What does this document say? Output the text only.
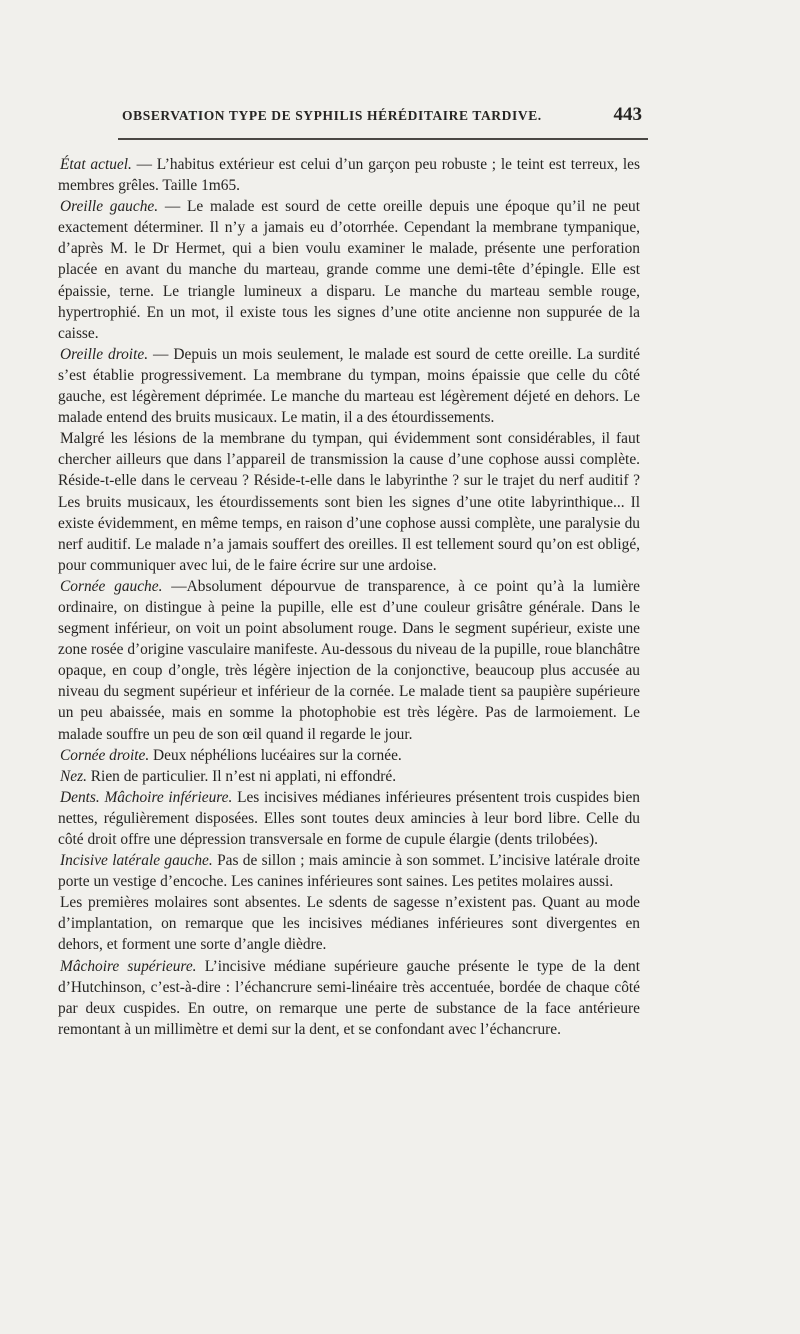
OBSERVATION TYPE DE SYPHILIS HÉRÉDITAIRE TARDIVE.	443

État actuel. — L’habitus extérieur est celui d’un garçon peu robuste ; le teint est terreux, les membres grêles. Taille 1m65.

Oreille gauche. — Le malade est sourd de cette oreille depuis une époque qu’il ne peut exactement déterminer. Il n’y a jamais eu d’otorrhée. Cependant la membrane tympanique, d’après M. le Dr Hermet, qui a bien voulu examiner le malade, présente une perforation placée en avant du manche du marteau, grande comme une demi-tête d’épingle. Elle est épaissie, terne. Le triangle lumineux a disparu. Le manche du marteau semble rouge, hypertrophié. En un mot, il existe tous les signes d’une otite ancienne non suppurée de la caisse.

Oreille droite. — Depuis un mois seulement, le malade est sourd de cette oreille. La surdité s’est établie progressivement. La membrane du tympan, moins épaissie que celle du côté gauche, est légèrement déprimée. Le manche du marteau est légèrement déjeté en dehors. Le malade entend des bruits musicaux. Le matin, il a des étourdissements.

Malgré les lésions de la membrane du tympan, qui évidemment sont considérables, il faut chercher ailleurs que dans l’appareil de transmission la cause d’une cophose aussi complète. Réside-t-elle dans le cerveau ? Réside-t-elle dans le labyrinthe ? sur le trajet du nerf auditif ? Les bruits musicaux, les étourdissements sont bien les signes d’une otite labyrinthique... Il existe évidemment, en même temps, en raison d’une cophose aussi complète, une paralysie du nerf auditif. Le malade n’a jamais souffert des oreilles. Il est tellement sourd qu’on est obligé, pour communiquer avec lui, de le faire écrire sur une ardoise.

Cornée gauche. —Absolument dépourvue de transparence, à ce point qu’à la lumière ordinaire, on distingue à peine la pupille, elle est d’une couleur grisâtre générale. Dans le segment inférieur, on voit un point absolument rouge. Dans le segment supérieur, existe une zone rosée d’origine vasculaire manifeste. Au-dessous du niveau de la pupille, roue blanchâtre opaque, en coup d’ongle, très légère injection de la conjonctive, beaucoup plus accusée au niveau du segment supérieur et inférieur de la cornée. Le malade tient sa paupière supérieure un peu abaissée, mais en somme la photophobie est très légère. Pas de larmoiement. Le malade souffre un peu de son œil quand il regarde le jour.

Cornée droite. Deux néphélions lucéaires sur la cornée.

Nez. Rien de particulier. Il n’est ni applati, ni effondré.

Dents. Mâchoire inférieure. Les incisives médianes inférieures présentent trois cuspides bien nettes, régulièrement disposées. Elles sont toutes deux amincies à leur bord libre. Celle du côté droit offre une dépression transversale en forme de cupule élargie (dents trilobées).

Incisive latérale gauche. Pas de sillon ; mais amincie à son sommet. L’incisive latérale droite porte un vestige d’encoche. Les canines inférieures sont saines. Les petites molaires aussi.

Les premières molaires sont absentes. Le sdents de sagesse n’existent pas. Quant au mode d’implantation, on remarque que les incisives médianes inférieures sont divergentes en dehors, et forment une sorte d’angle dièdre.

Mâchoire supérieure. L’incisive médiane supérieure gauche présente le type de la dent d’Hutchinson, c’est-à-dire : l’échancrure semi-linéaire très accentuée, bordée de chaque côté par deux cuspides. En outre, on remarque une perte de substance de la face antérieure remontant à un millimètre et demi sur la dent, et se confondant avec l’échancrure.
